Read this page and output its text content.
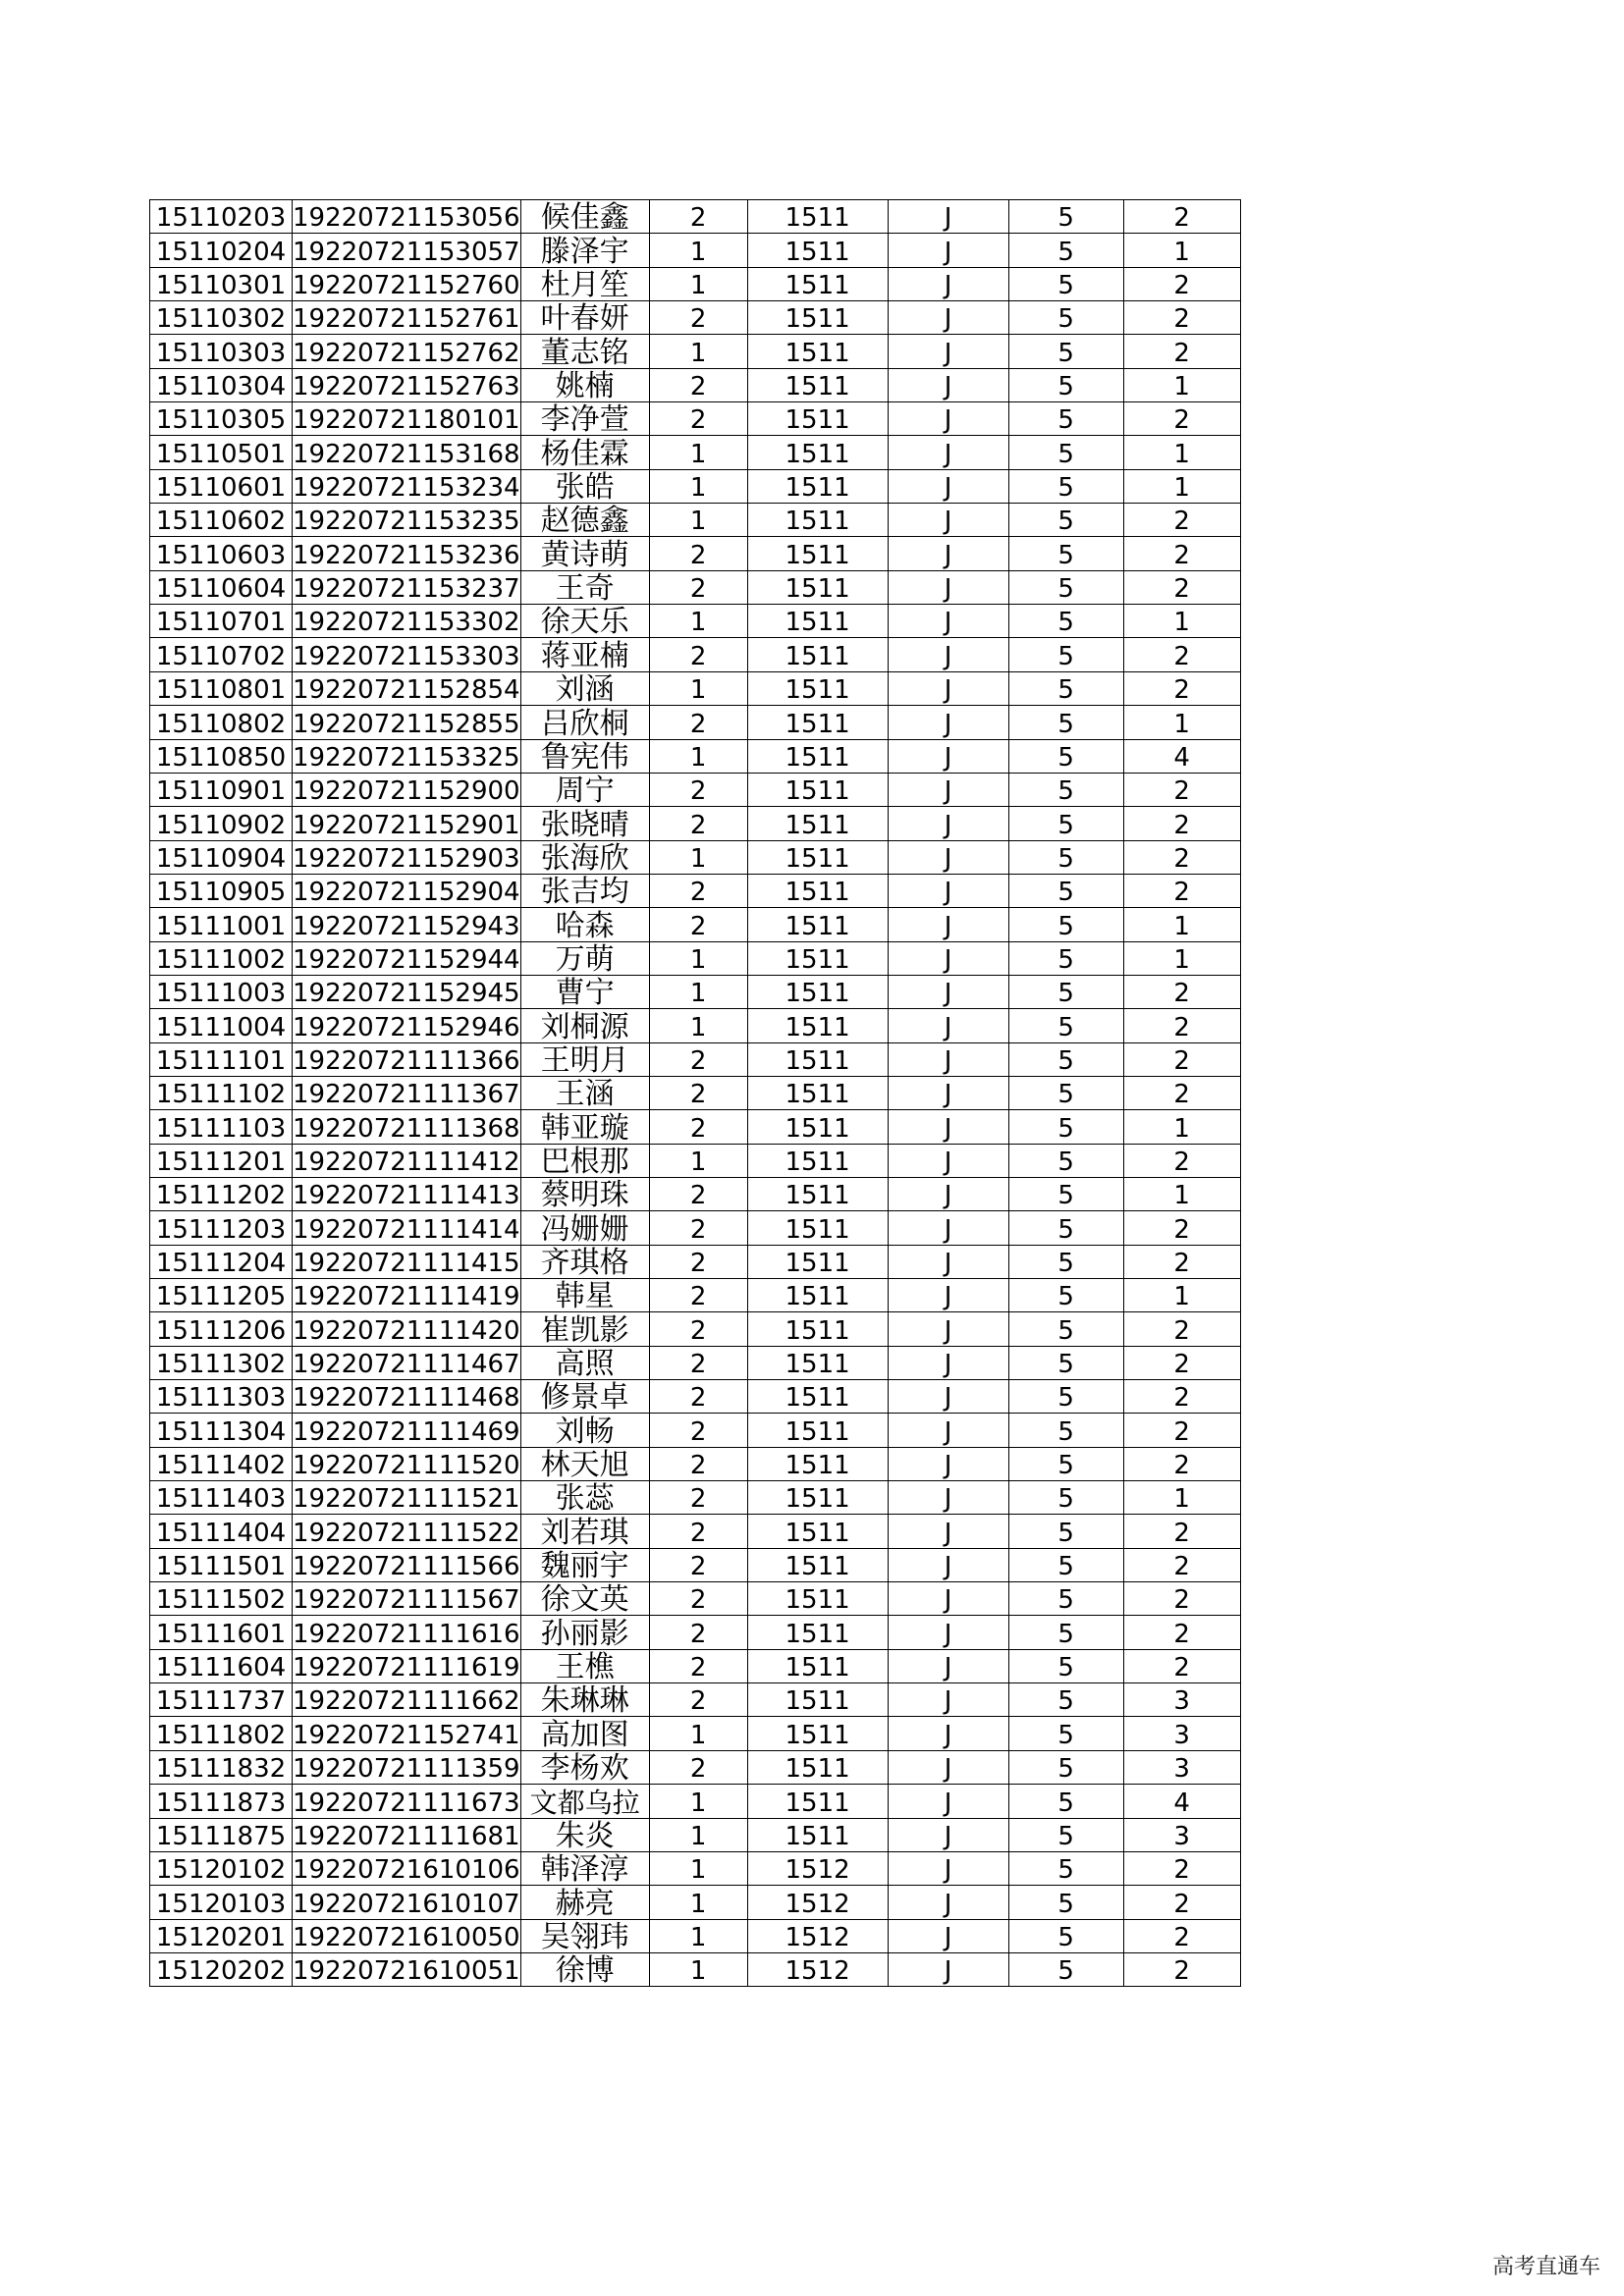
15110203	19220721153056	候佳鑫	2	1511	J	5	2
15110204	19220721153057	滕泽宇	1	1511	J	5	1
15110301	19220721152760	杜月笙	1	1511	J	5	2
15110302	19220721152761	叶春妍	2	1511	J	5	2
15110303	19220721152762	董志铭	1	1511	J	5	2
15110304	19220721152763	姚楠	2	1511	J	5	1
15110305	19220721180101	李净萱	2	1511	J	5	2
15110501	19220721153168	杨佳霖	1	1511	J	5	1
15110601	19220721153234	张皓	1	1511	J	5	1
15110602	19220721153235	赵德鑫	1	1511	J	5	2
15110603	19220721153236	黄诗萌	2	1511	J	5	2
15110604	19220721153237	王奇	2	1511	J	5	2
15110701	19220721153302	徐天乐	1	1511	J	5	1
15110702	19220721153303	蒋亚楠	2	1511	J	5	2
15110801	19220721152854	刘涵	1	1511	J	5	2
15110802	19220721152855	吕欣桐	2	1511	J	5	1
15110850	19220721153325	鲁宪伟	1	1511	J	5	4
15110901	19220721152900	周宁	2	1511	J	5	2
15110902	19220721152901	张晓晴	2	1511	J	5	2
15110904	19220721152903	张海欣	1	1511	J	5	2
15110905	19220721152904	张吉均	2	1511	J	5	2
15111001	19220721152943	哈森	2	1511	J	5	1
15111002	19220721152944	万萌	1	1511	J	5	1
15111003	19220721152945	曹宁	1	1511	J	5	2
15111004	19220721152946	刘桐源	1	1511	J	5	2
15111101	19220721111366	王明月	2	1511	J	5	2
15111102	19220721111367	王涵	2	1511	J	5	2
15111103	19220721111368	韩亚璇	2	1511	J	5	1
15111201	19220721111412	巴根那	1	1511	J	5	2
15111202	19220721111413	蔡明珠	2	1511	J	5	1
15111203	19220721111414	冯姗姗	2	1511	J	5	2
15111204	19220721111415	齐琪格	2	1511	J	5	2
15111205	19220721111419	韩星	2	1511	J	5	1
15111206	19220721111420	崔凯影	2	1511	J	5	2
15111302	19220721111467	高照	2	1511	J	5	2
15111303	19220721111468	修景卓	2	1511	J	5	2
15111304	19220721111469	刘畅	2	1511	J	5	2
15111402	19220721111520	林天旭	2	1511	J	5	2
15111403	19220721111521	张蕊	2	1511	J	5	1
15111404	19220721111522	刘若琪	2	1511	J	5	2
15111501	19220721111566	魏丽宇	2	1511	J	5	2
15111502	19220721111567	徐文英	2	1511	J	5	2
15111601	19220721111616	孙丽影	2	1511	J	5	2
15111604	19220721111619	王樵	2	1511	J	5	2
15111737	19220721111662	朱琳琳	2	1511	J	5	3
15111802	19220721152741	高加图	1	1511	J	5	3
15111832	19220721111359	李杨欢	2	1511	J	5	3
15111873	19220721111673	文都乌拉	1	1511	J	5	4
15111875	19220721111681	朱炎	1	1511	J	5	3
15120102	19220721610106	韩泽淳	1	1512	J	5	2
15120103	19220721610107	赫亮	1	1512	J	5	2
15120201	19220721610050	吴翎玮	1	1512	J	5	2
15120202	19220721610051	徐博	1	1512	J	5	2
高考直通车
